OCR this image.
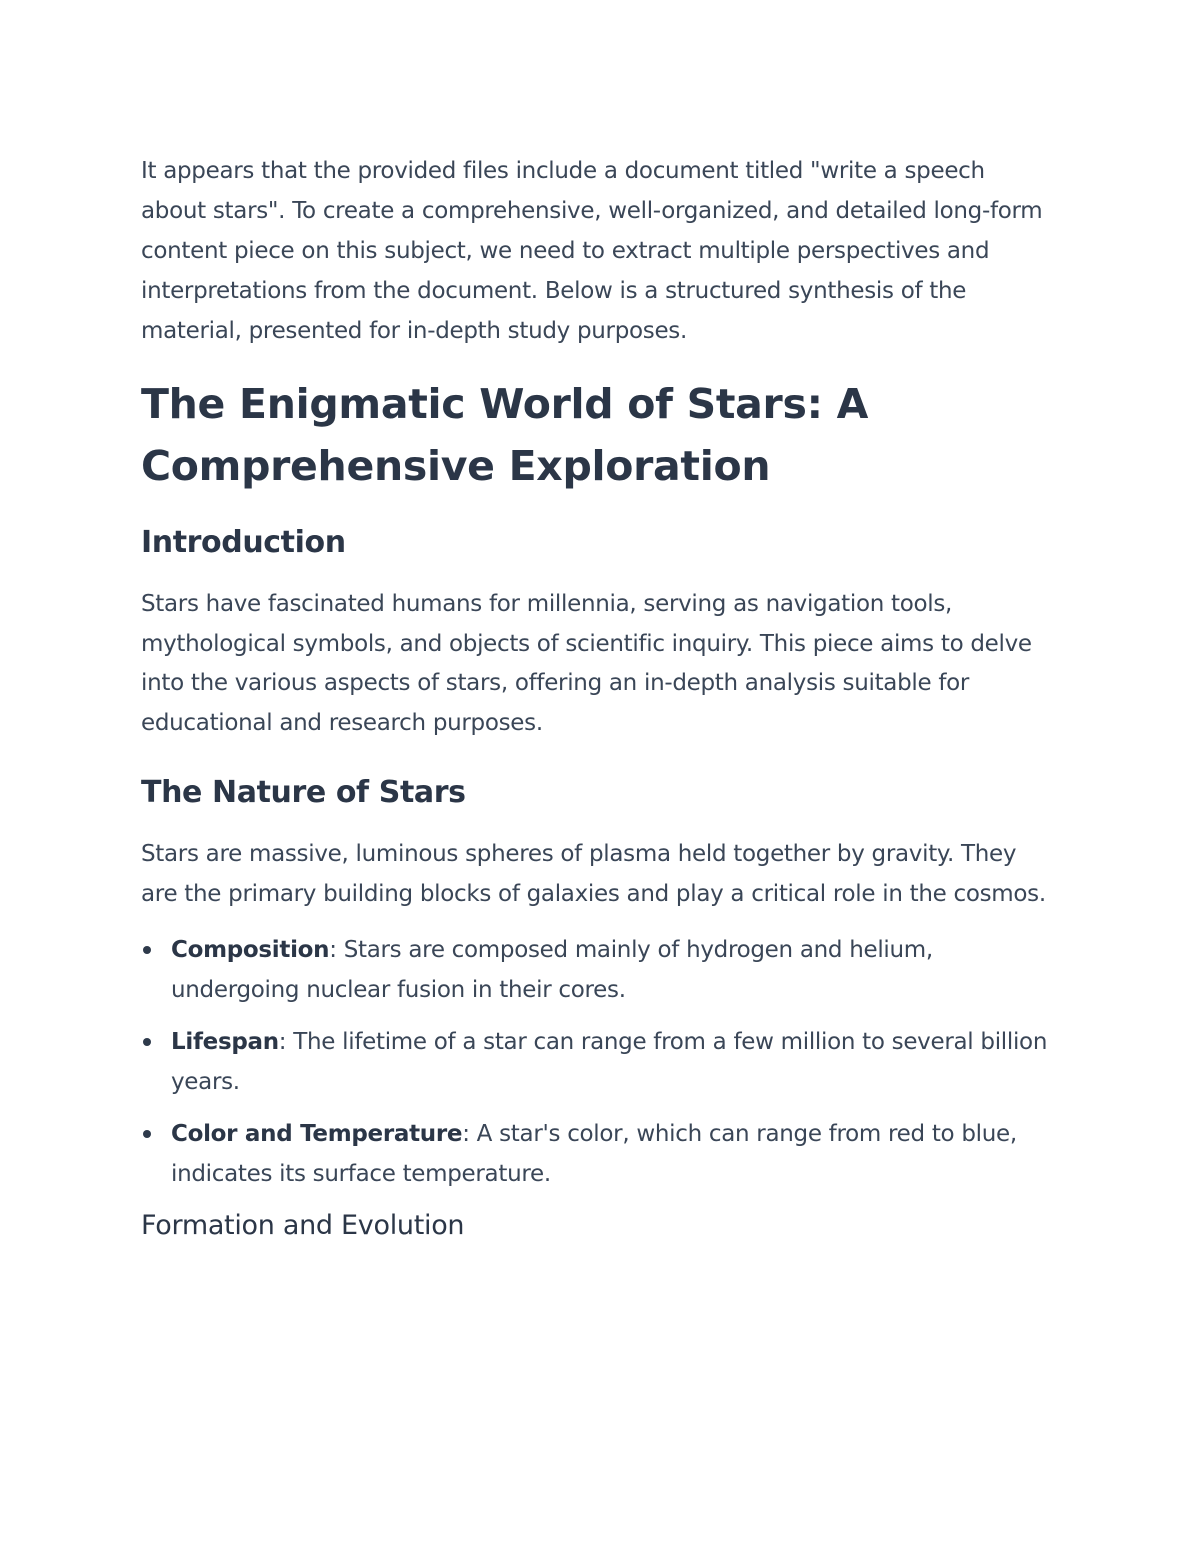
It appears that the provided files include a document titled "write a speech about stars". To create a comprehensive, well-organized, and detailed long-form content piece on this subject, we need to extract multiple perspectives and interpretations from the document. Below is a structured synthesis of the material, presented for in-depth study purposes.

The Enigmatic World of Stars: A Comprehensive Exploration
Introduction

Stars have fascinated humans for millennia, serving as navigation tools, mythological symbols, and objects of scientific inquiry. This piece aims to delve into the various aspects of stars, offering an in-depth analysis suitable for educational and research purposes.

The Nature of Stars

Stars are massive, luminous spheres of plasma held together by gravity. They are the primary building blocks of galaxies and play a critical role in the cosmos.

Composition: Stars are composed mainly of hydrogen and helium, undergoing nuclear fusion in their cores.
Lifespan: The lifetime of a star can range from a few million to several billion years.
Color and Temperature: A star's color, which can range from red to blue, indicates its surface temperature.
Formation and Evolution
